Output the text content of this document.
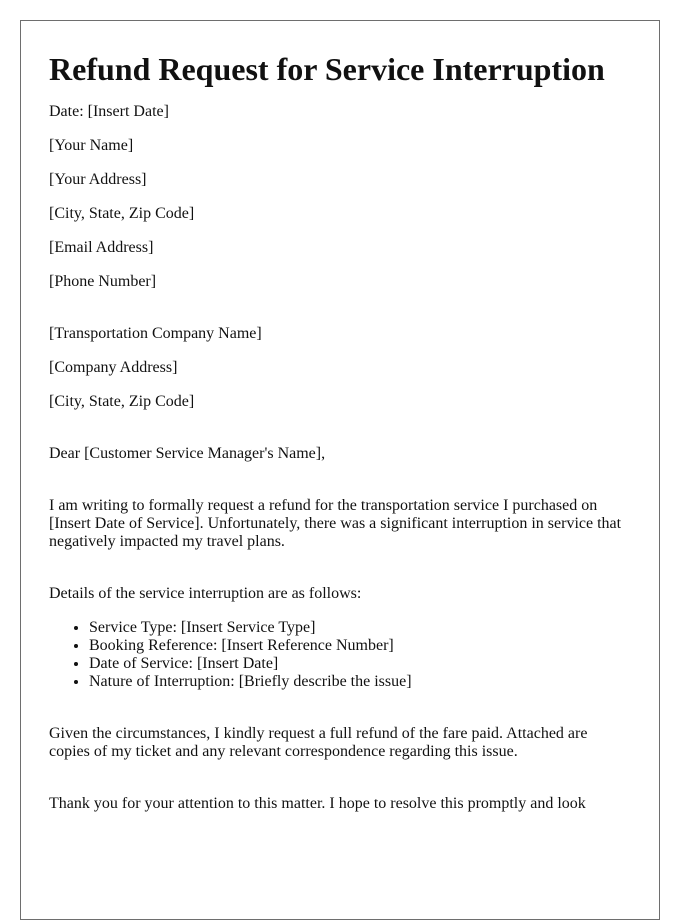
Refund Request for Service Interruption

Date: [Insert Date]

[Your Name]

[Your Address]

[City, State, Zip Code]

[Email Address]

[Phone Number]

[Transportation Company Name]

[Company Address]

[City, State, Zip Code]

Dear [Customer Service Manager's Name],

I am writing to formally request a refund for the transportation service I purchased on [Insert Date of Service]. Unfortunately, there was a significant interruption in service that negatively impacted my travel plans.

Details of the service interruption are as follows:

• Service Type: [Insert Service Type]
• Booking Reference: [Insert Reference Number]
• Date of Service: [Insert Date]
• Nature of Interruption: [Briefly describe the issue]

Given the circumstances, I kindly request a full refund of the fare paid. Attached are copies of my ticket and any relevant correspondence regarding this issue.

Thank you for your attention to this matter. I hope to resolve this promptly and look
